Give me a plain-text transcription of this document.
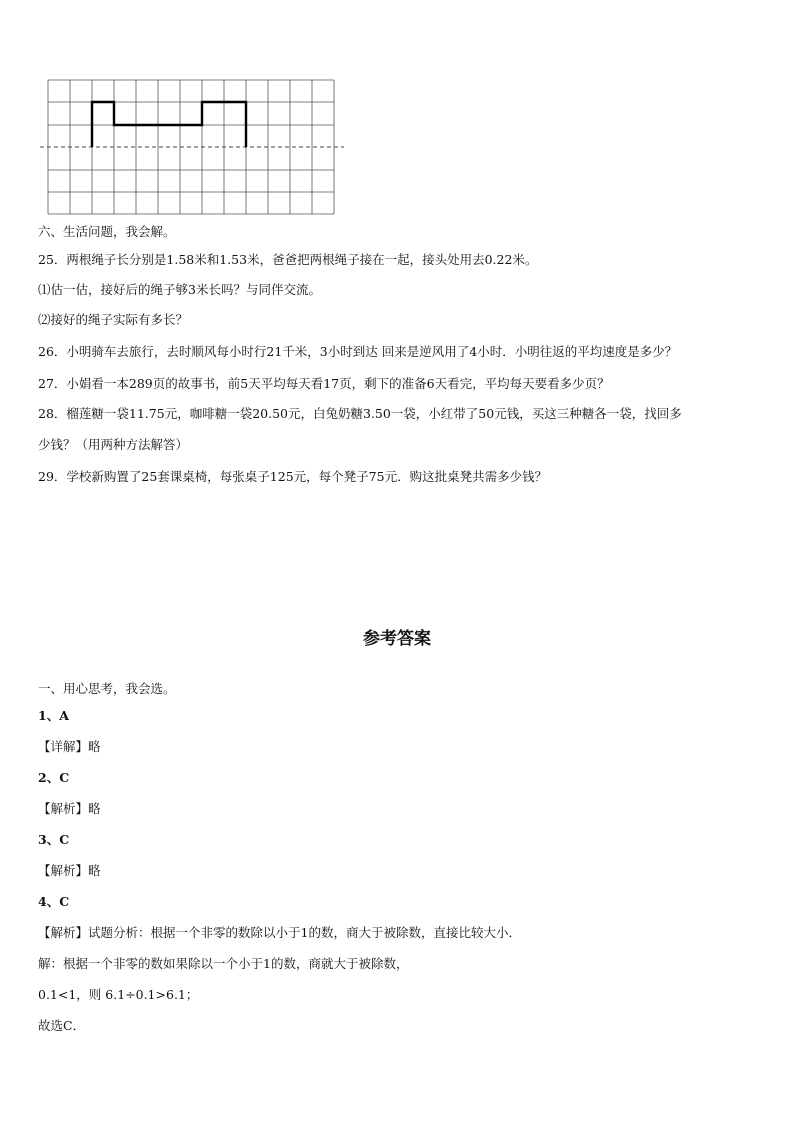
六、生活问题，我会解。
25．两根绳子长分别是1.58米和1.53米，爸爸把两根绳子接在一起，接头处用去0.22米。
⑴估一估，接好后的绳子够3米长吗？与同伴交流。
⑵接好的绳子实际有多长？
26．小明骑车去旅行，去时顺风每小时行21千米，3小时到达 回来是逆风用了4小时．小明往返的平均速度是多少？
27．小娟看一本289页的故事书，前5天平均每天看17页，剩下的准备6天看完，平均每天要看多少页？
28．榴莲糖一袋11.75元，咖啡糖一袋20.50元，白兔奶糖3.50一袋，小红带了50元钱，买这三种糖各一袋，找回多
少钱？（用两种方法解答）
29．学校新购置了25套课桌椅，每张桌子125元，每个凳子75元．购这批桌凳共需多少钱？
参考答案
一、用心思考，我会选。
1、A
【详解】略
2、C
【解析】略
3、C
【解析】略
4、C
【解析】试题分析：根据一个非零的数除以小于1的数，商大于被除数，直接比较大小．
解：根据一个非零的数如果除以一个小于1的数，商就大于被除数，
0.1<1，则 6.1÷0.1>6.1；
故选C．
